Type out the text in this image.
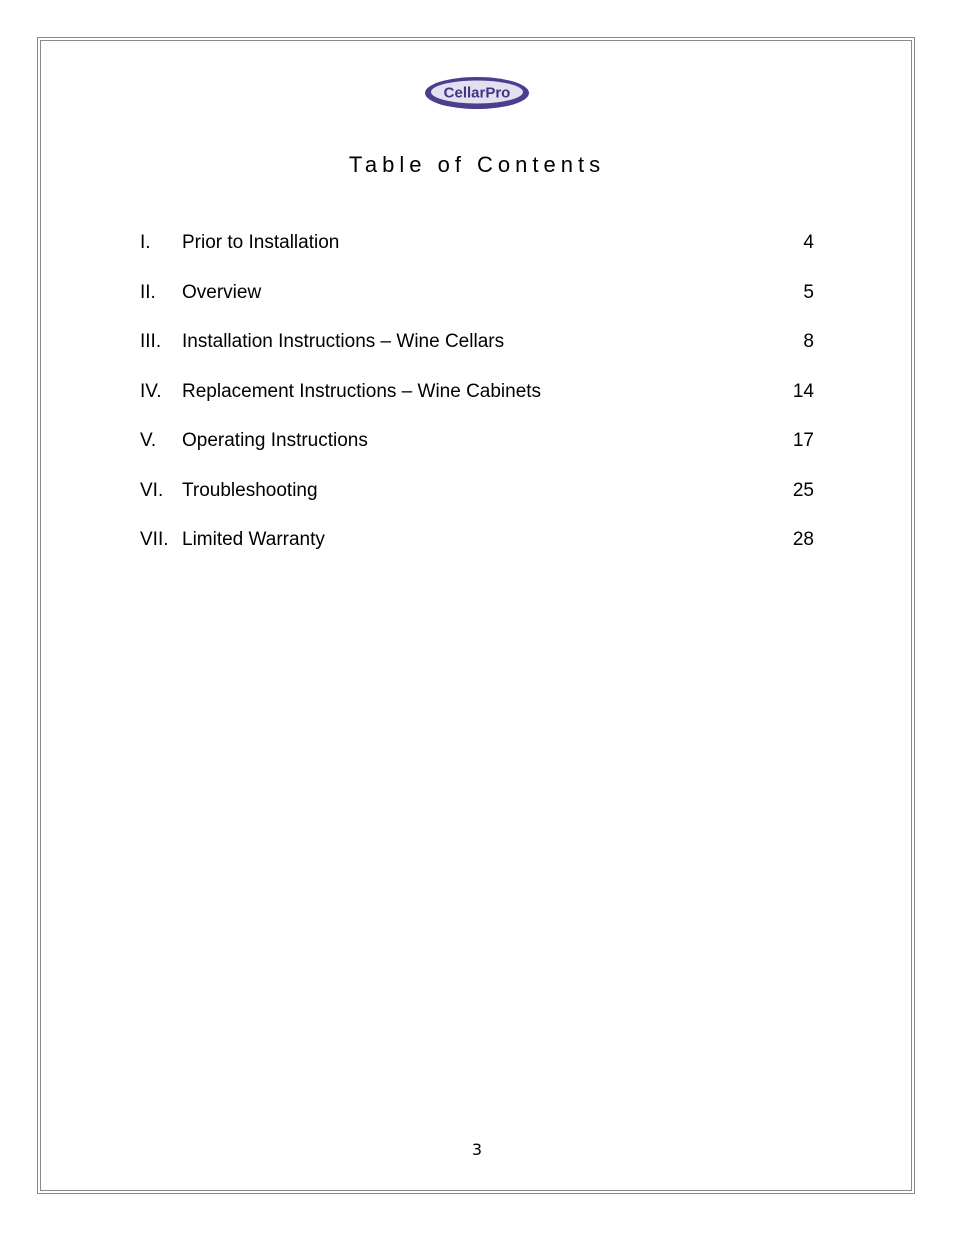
CellarPro
Table of Contents
I. Prior to Installation	4
II. Overview	5
III. Installation Instructions – Wine Cellars	8
IV. Replacement Instructions – Wine Cabinets	14
V. Operating Instructions	17
VI. Troubleshooting	25
VII. Limited Warranty	28
3
